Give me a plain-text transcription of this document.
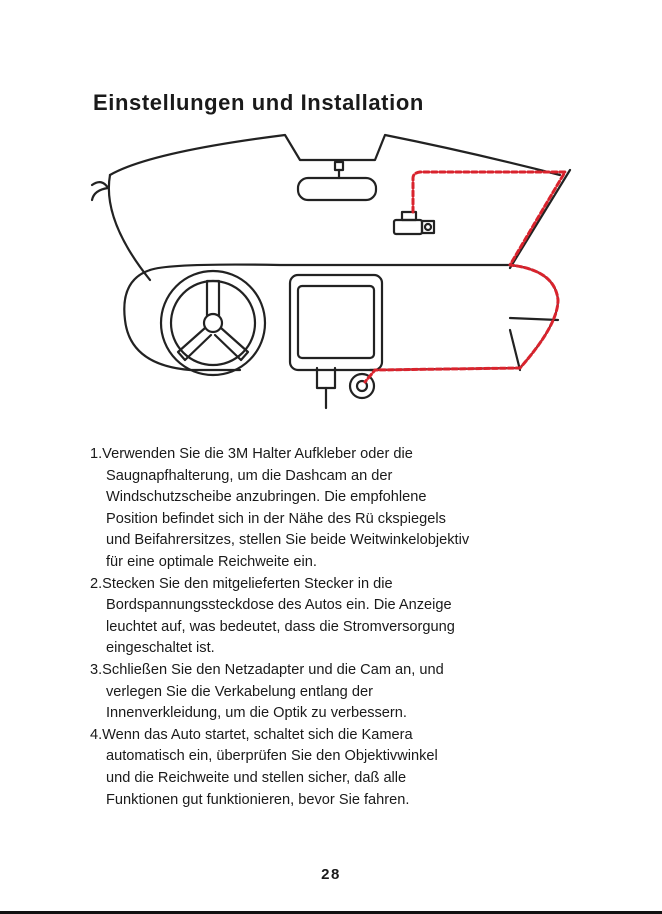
Einstellungen und Installation
1.Verwenden Sie die 3M Halter Aufkleber oder die
Saugnapfhalterung, um die Dashcam an der
Windschutzscheibe anzubringen. Die empfohlene
Position befindet sich in der Nähe des Rü ckspiegels
und Beifahrersitzes, stellen Sie beide Weitwinkelobjektiv
für eine optimale Reichweite ein.
2.Stecken Sie den mitgelieferten Stecker in die
Bordspannungssteckdose des Autos ein. Die Anzeige
leuchtet auf, was bedeutet, dass die Stromversorgung
eingeschaltet ist.
3.Schließen Sie den Netzadapter und die Cam an, und
verlegen Sie die Verkabelung entlang der
Innenverkleidung, um die Optik zu verbessern.
4.Wenn das Auto startet, schaltet sich die Kamera
automatisch ein, überprüfen Sie den Objektivwinkel
und die Reichweite und stellen sicher, daß alle
Funktionen gut funktionieren, bevor Sie fahren.
28
